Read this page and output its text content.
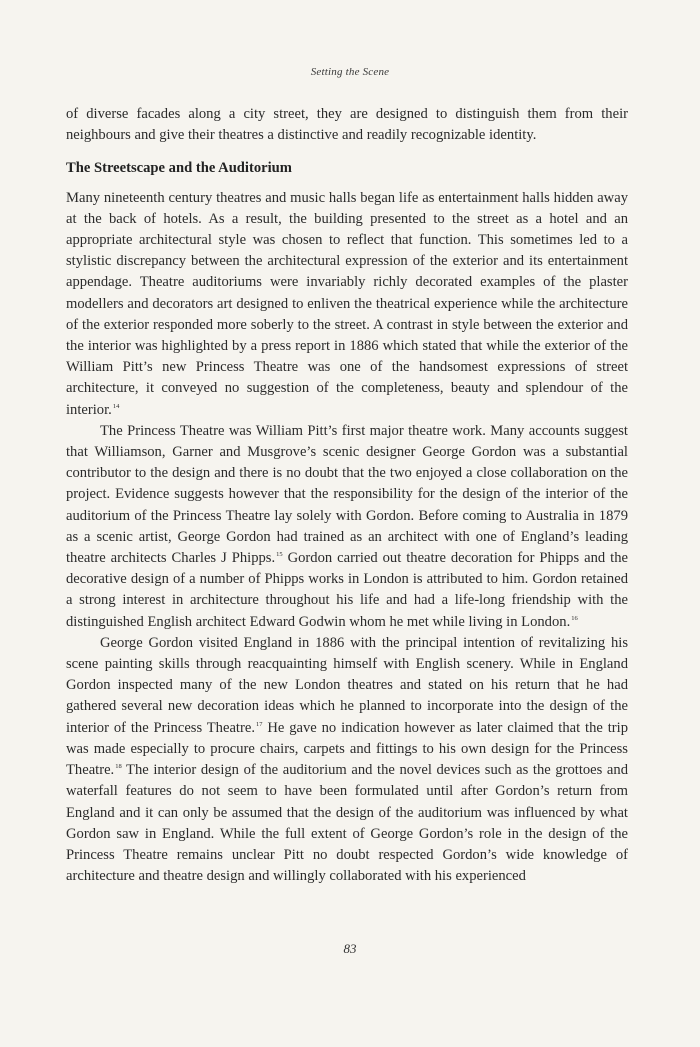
Setting the Scene

of diverse facades along a city street, they are designed to distinguish them from their neighbours and give their theatres a distinctive and readily recognizable identity.

The Streetscape and the Auditorium

Many nineteenth century theatres and music halls began life as entertainment halls hidden away at the back of hotels. As a result, the building presented to the street as a hotel and an appropriate architectural style was chosen to reflect that function. This sometimes led to a stylistic discrepancy between the architectural expression of the exterior and its entertainment appendage. Theatre auditoriums were invariably richly decorated examples of the plaster modellers and decorators art designed to enliven the theatrical experience while the architecture of the exterior responded more soberly to the street. A contrast in style between the exterior and the interior was highlighted by a press report in 1886 which stated that while the exterior of the William Pitt’s new Princess Theatre was one of the handsomest expressions of street architecture, it conveyed no suggestion of the completeness, beauty and splendour of the interior.$^{14}$

The Princess Theatre was William Pitt’s first major theatre work. Many accounts suggest that Williamson, Garner and Musgrove’s scenic designer George Gordon was a substantial contributor to the design and there is no doubt that the two enjoyed a close collaboration on the project. Evidence suggests however that the responsibility for the design of the interior of the auditorium of the Princess Theatre lay solely with Gordon. Before coming to Australia in 1879 as a scenic artist, George Gordon had trained as an architect with one of England’s leading theatre architects Charles J Phipps.$^{15}$ Gordon carried out theatre decoration for Phipps and the decorative design of a number of Phipps works in London is attributed to him. Gordon retained a strong interest in architecture throughout his life and had a life-long friendship with the distinguished English architect Edward Godwin whom he met while living in London.$^{16}$

George Gordon visited England in 1886 with the principal intention of revitalizing his scene painting skills through reacquainting himself with English scenery. While in England Gordon inspected many of the new London theatres and stated on his return that he had gathered several new decoration ideas which he planned to incorporate into the design of the interior of the Princess Theatre.$^{17}$ He gave no indication however as later claimed that the trip was made especially to procure chairs, carpets and fittings to his own design for the Princess Theatre.$^{18}$ The interior design of the auditorium and the novel devices such as the grottoes and waterfall features do not seem to have been formulated until after Gordon’s return from England and it can only be assumed that the design of the auditorium was influenced by what Gordon saw in England. While the full extent of George Gordon’s role in the design of the Princess Theatre remains unclear Pitt no doubt respected Gordon’s wide knowledge of architecture and theatre design and willingly collaborated with his experienced

83
